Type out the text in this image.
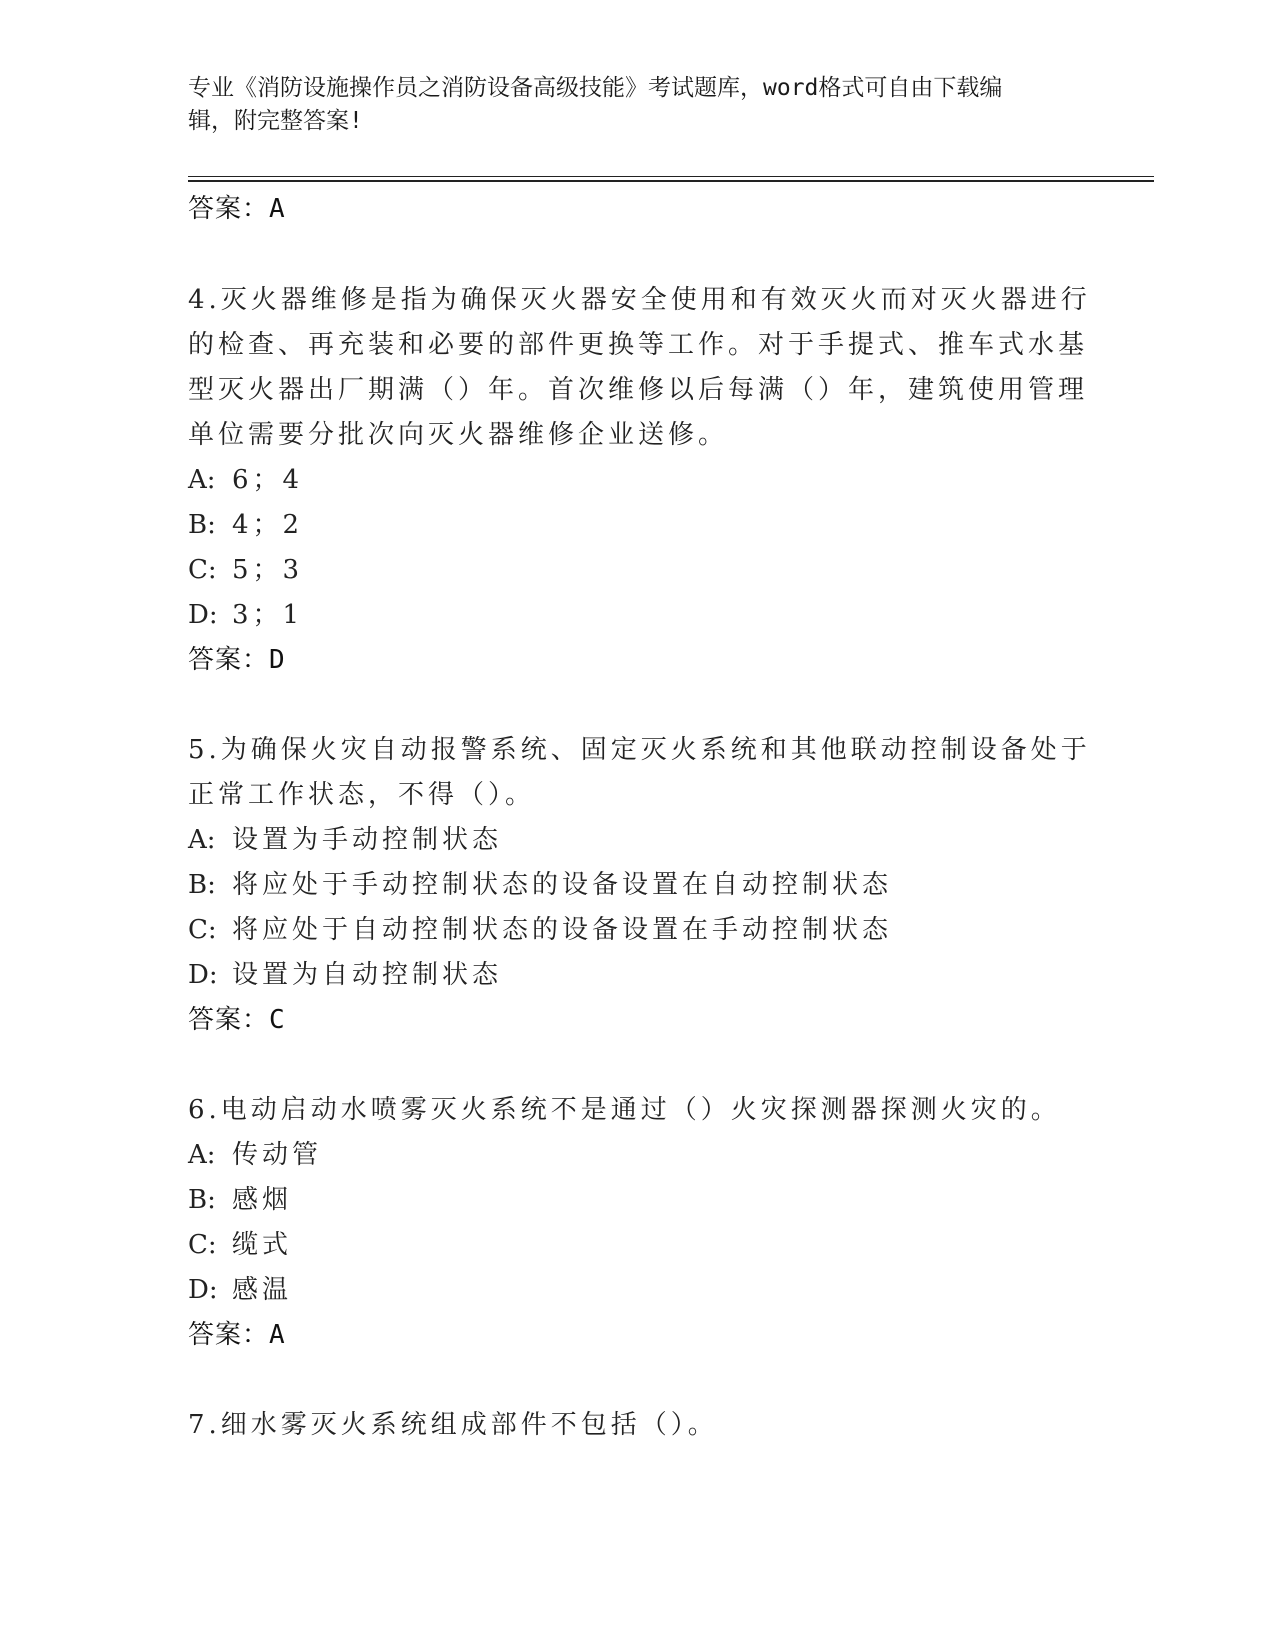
专业《消防设施操作员之消防设备高级技能》考试题库，word格式可自由下载编
辑，附完整答案!
答案：A
4.灭火器维修是指为确保灭火器安全使用和有效灭火而对灭火器进行
的检查、再充装和必要的部件更换等工作。对于手提式、推车式水基
型灭火器出厂期满（）年。首次维修以后每满（）年，建筑使用管理
单位需要分批次向灭火器维修企业送修。
A: 6；4
B: 4；2
C: 5；3
D: 3；1
答案：D
5.为确保火灾自动报警系统、固定灭火系统和其他联动控制设备处于
正常工作状态，不得（）。
A: 设置为手动控制状态
B: 将应处于手动控制状态的设备设置在自动控制状态
C: 将应处于自动控制状态的设备设置在手动控制状态
D: 设置为自动控制状态
答案：C
6.电动启动水喷雾灭火系统不是通过（）火灾探测器探测火灾的。
A: 传动管
B: 感烟
C: 缆式
D: 感温
答案：A
7.细水雾灭火系统组成部件不包括（）。
